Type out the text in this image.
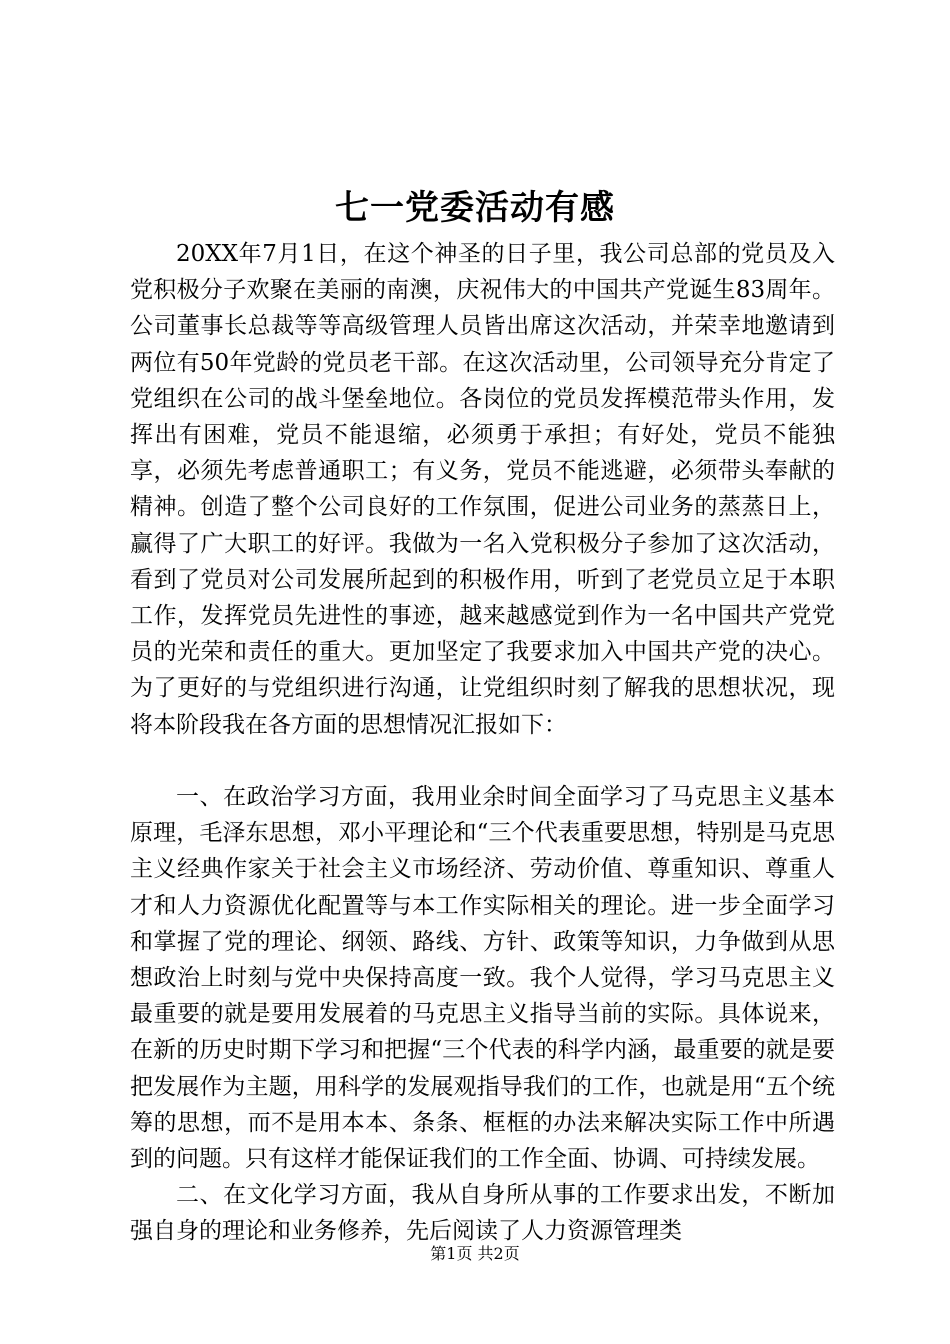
七一党委活动有感

20XX年7月1日，在这个神圣的日子里，我公司总部的党员及入党积极分子欢聚在美丽的南澳，庆祝伟大的中国共产党诞生83周年。公司董事长总裁等等高级管理人员皆出席这次活动，并荣幸地邀请到两位有50年党龄的党员老干部。在这次活动里，公司领导充分肯定了党组织在公司的战斗堡垒地位。各岗位的党员发挥模范带头作用，发挥出有困难，党员不能退缩，必须勇于承担；有好处，党员不能独享，必须先考虑普通职工；有义务，党员不能逃避，必须带头奉献的精神。创造了整个公司良好的工作氛围，促进公司业务的蒸蒸日上，赢得了广大职工的好评。我做为一名入党积极分子参加了这次活动，看到了党员对公司发展所起到的积极作用，听到了老党员立足于本职工作，发挥党员先进性的事迹，越来越感觉到作为一名中国共产党党员的光荣和责任的重大。更加坚定了我要求加入中国共产党的决心。为了更好的与党组织进行沟通，让党组织时刻了解我的思想状况，现将本阶段我在各方面的思想情况汇报如下：

一、在政治学习方面，我用业余时间全面学习了马克思主义基本原理，毛泽东思想，邓小平理论和“三个代表重要思想，特别是马克思主义经典作家关于社会主义市场经济、劳动价值、尊重知识、尊重人才和人力资源优化配置等与本工作实际相关的理论。进一步全面学习和掌握了党的理论、纲领、路线、方针、政策等知识，力争做到从思想政治上时刻与党中央保持高度一致。我个人觉得，学习马克思主义最重要的就是要用发展着的马克思主义指导当前的实际。具体说来，在新的历史时期下学习和把握“三个代表的科学内涵，最重要的就是要把发展作为主题，用科学的发展观指导我们的工作，也就是用“五个统筹的思想，而不是用本本、条条、框框的办法来解决实际工作中所遇到的问题。只有这样才能保证我们的工作全面、协调、可持续发展。

二、在文化学习方面，我从自身所从事的工作要求出发，不断加强自身的理论和业务修养，先后阅读了人力资源管理类

第1页 共2页
